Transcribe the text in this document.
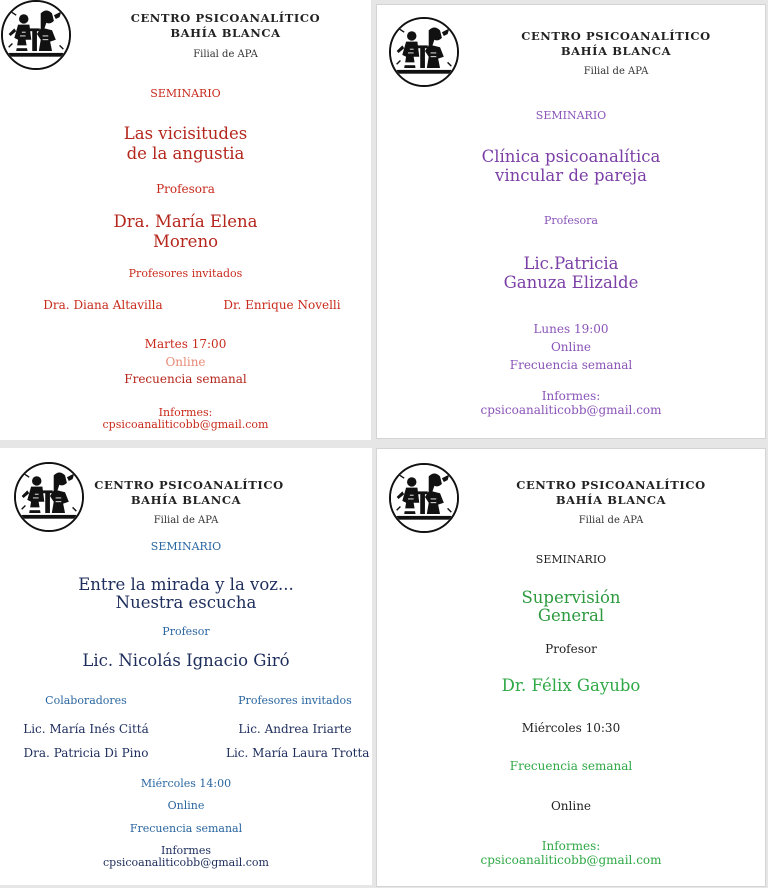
CENTRO PSICOANALÍTICO
BAHÍA BLANCA
Filial de APA
SEMINARIO
Las vicisitudes
de la angustia
Profesora
Dra. María Elena
Moreno
Profesores invitados
Dra. Diana Altavilla	Dr. Enrique Novelli
Martes 17:00
Online
Frecuencia semanal
Informes:
cpsicoanaliticobb@gmail.com
CENTRO PSICOANALÍTICO
BAHÍA BLANCA
Filial de APA
SEMINARIO
Clínica psicoanalítica
vincular de pareja
Profesora
Lic.Patricia
Ganuza Elizalde
Lunes 19:00
Online
Frecuencia semanal
Informes:
cpsicoanaliticobb@gmail.com
CENTRO PSICOANALÍTICO
BAHÍA BLANCA
Filial de APA
SEMINARIO
Entre la mirada y la voz...
Nuestra escucha
Profesor
Lic. Nicolás Ignacio Giró
Colaboradores	Profesores invitados
Lic. María Inés Cittá
Dra. Patricia Di Pino
Lic. Andrea Iriarte
Lic. María Laura Trotta
Miércoles 14:00
Online
Frecuencia semanal
Informes
cpsicoanaliticobb@gmail.com
CENTRO PSICOANALÍTICO
BAHÍA BLANCA
Filial de APA
SEMINARIO
Supervisión
General
Profesor
Dr. Félix Gayubo
Miércoles 10:30
Frecuencia semanal
Online
Informes:
cpsicoanaliticobb@gmail.com
